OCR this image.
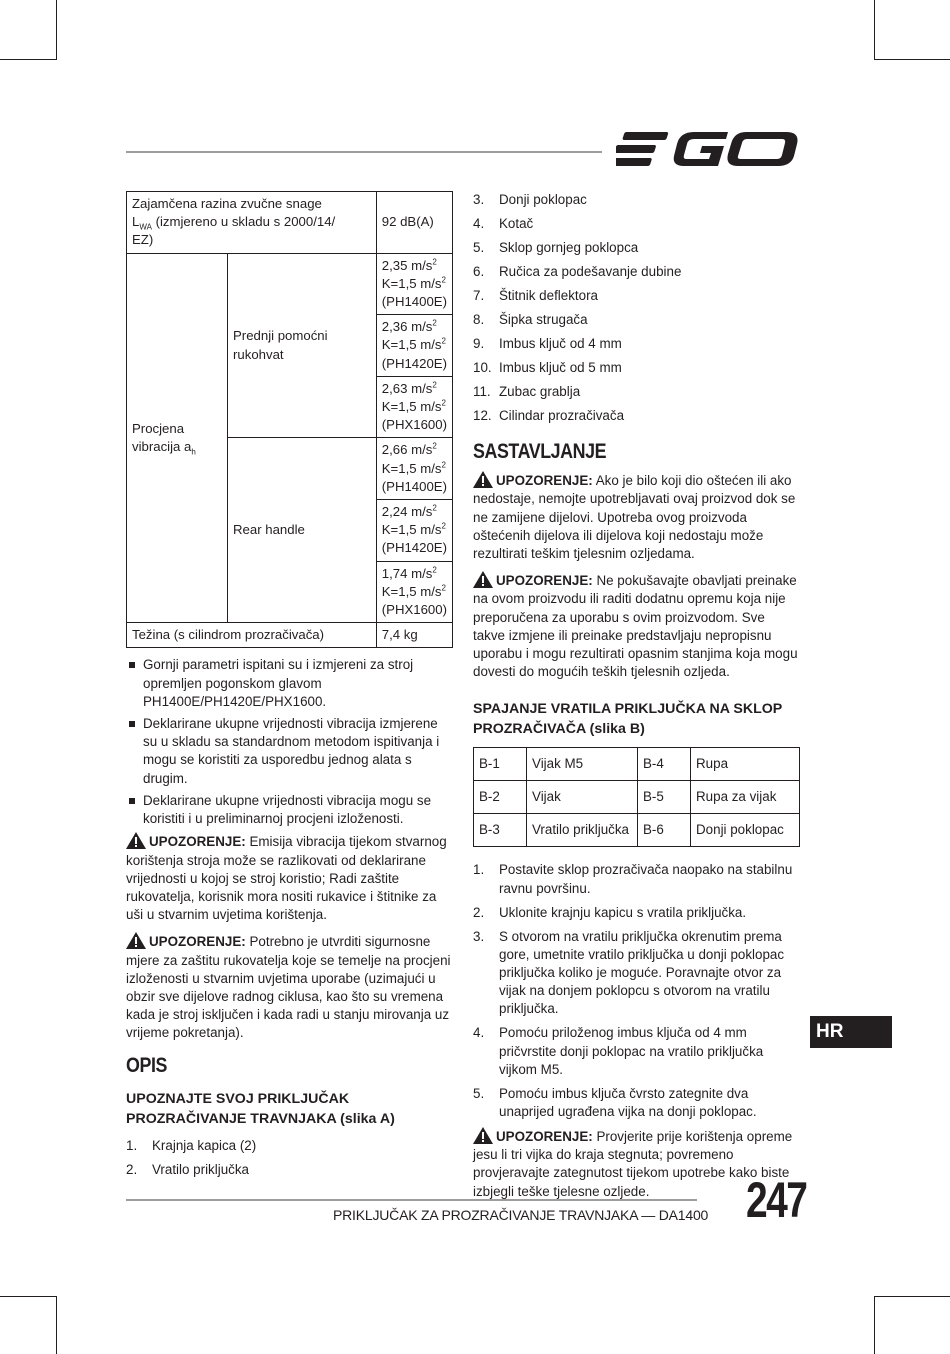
Zajamčena razina zvučne snage
$L_{WA}$ (izmjereno u skladu s 2000/14/
EZ)		92 dB(A)
Procjena
vibracija $a_h$	Prednji pomoćni rukohvat	2,35 $m/s^2$
K=1,5 $m/s^2$
(PH1400E)
		2,36 $m/s^2$
K=1,5 $m/s^2$
(PH1420E)
		2,63 $m/s^2$
K=1,5 $m/s^2$
(PHX1600)
	Rear handle	2,66 $m/s^2$
K=1,5 $m/s^2$
(PH1400E)
		2,24 $m/s^2$
K=1,5 $m/s^2$
(PH1420E)
		1,74 $m/s^2$
K=1,5 $m/s^2$
(PHX1600)
Težina (s cilindrom prozračivača)		7,4 kg
Gornji parametri ispitani su i izmjereni za stroj opremljen pogonskom glavom PH1400E/PH1420E/PHX1600.
Deklarirane ukupne vrijednosti vibracija izmjerene su u skladu sa standardnom metodom ispitivanja i mogu se koristiti za usporedbu jednog alata s drugim.
Deklarirane ukupne vrijednosti vibracija mogu se koristiti i u preliminarnoj procjeni izloženosti.

UPOZORENJE: Emisija vibracija tijekom stvarnog korištenja stroja može se razlikovati od deklarirane vrijednosti u kojoj se stroj koristio; Radi zaštite rukovatelja, korisnik mora nositi rukavice i štitnike za uši u stvarnim uvjetima korištenja.

UPOZORENJE: Potrebno je utvrditi sigurnosne mjere za zaštitu rukovatelja koje se temelje na procjeni izloženosti u stvarnim uvjetima uporabe (uzimajući u obzir sve dijelove radnog ciklusa, kao što su vremena kada je stroj isključen i kada radi u stanju mirovanja uz vrijeme pokretanja).

OPIS
UPOZNAJTE SVOJ PRIKLJUČAK PROZRAČIVANJE TRAVNJAKA (slika A)
1. Krajnja kapica (2)
2. Vratilo priključka
3. Donji poklopac
4. Kotač
5. Sklop gornjeg poklopca
6. Ručica za podešavanje dubine
7. Štitnik deflektora
8. Šipka strugača
9. Imbus ključ od 4 mm
10. Imbus ključ od 5 mm
11. Zubac grablja
12. Cilindar prozračivača
SASTAVLJANJE

UPOZORENJE: Ako je bilo koji dio oštećen ili ako nedostaje, nemojte upotrebljavati ovaj proizvod dok se ne zamijene dijelovi. Upotreba ovog proizvoda oštećenih dijelova ili dijelova koji nedostaju može rezultirati teškim tjelesnim ozljedama.

UPOZORENJE: Ne pokušavajte obavljati preinake na ovom proizvodu ili raditi dodatnu opremu koja nije preporučena za uporabu s ovim proizvodom. Sve takve izmjene ili preinake predstavljaju nepropisnu uporabu i mogu rezultirati opasnim stanjima koja mogu dovesti do mogućih teških tjelesnih ozljeda.

SPAJANJE VRATILA PRIKLJUČKA NA SKLOP PROZRAČIVAČA (slika B)
B-1	Vijak M5	B-4	Rupa
B-2	Vijak	B-5	Rupa za vijak
B-3	Vratilo priključka	B-6	Donji poklopac
1. Postavite sklop prozračivača naopako na stabilnu ravnu površinu.
2. Uklonite krajnju kapicu s vratila priključka.
3. S otvorom na vratilu priključka okrenutim prema gore, umetnite vratilo priključka u donji poklopac priključka koliko je moguće. Poravnajte otvor za vijak na donjem poklopcu s otvorom na vratilu priključka.
4. Pomoću priloženog imbus ključa od 4 mm pričvrstite donji poklopac na vratilo priključka vijkom M5.
5. Pomoću imbus ključa čvrsto zategnite dva unaprijed ugrađena vijka na donji poklopac.

UPOZORENJE: Provjerite prije korištenja opreme jesu li tri vijka do kraja stegnuta; povremeno provjeravajte zategnutost tijekom upotrebe kako biste izbjegli teške tjelesne ozljede.

HR
PRIKLJUČAK ZA PROZRAČIVANJE TRAVNJAKA — DA1400 247
